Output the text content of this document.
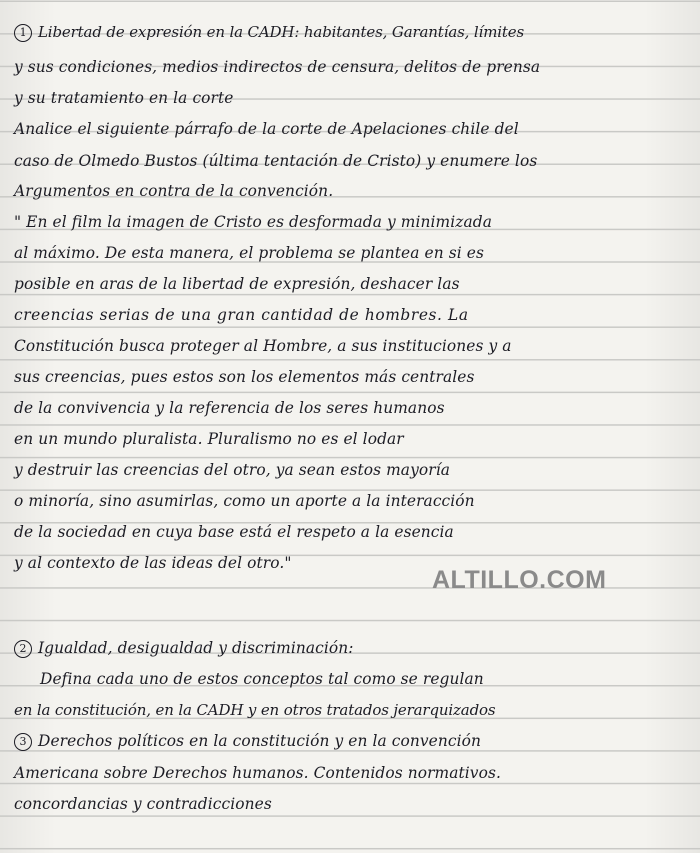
1 Libertad de expresión en la CADH: habitantes, Garantías, límites
y sus condiciones, medios indirectos de censura, delitos de prensa
y su tratamiento en la corte
Analice el siguiente párrafo de la corte de Apelaciones chile del
caso de Olmedo Bustos (última tentación de Cristo) y enumere los
Argumentos en contra de la convención.
" En el film la imagen de Cristo es desformada y minimizada
al máximo. De esta manera, el problema se plantea en si es
posible en aras de la libertad de expresión, deshacer las
creencias serias de una gran cantidad de hombres. La
Constitución busca proteger al Hombre, a sus instituciones y a
sus creencias, pues estos son los elementos más centrales
de la convivencia y la referencia de los seres humanos
en un mundo pluralista. Pluralismo no es el lodar
y destruir las creencias del otro, ya sean estos mayoría
o minoría, sino asumirlas, como un aporte a la interacción
de la sociedad en cuya base está el respeto a la esencia
y al contexto de las ideas del otro."
ALTILLO.COM
2 Igualdad, desigualdad y discriminación:
Defina cada uno de estos conceptos tal como se regulan
en la constitución, en la CADH y en otros tratados jerarquizados
3 Derechos políticos en la constitución y en la convención
Americana sobre Derechos humanos. Contenidos normativos.
concordancias y contradicciones
